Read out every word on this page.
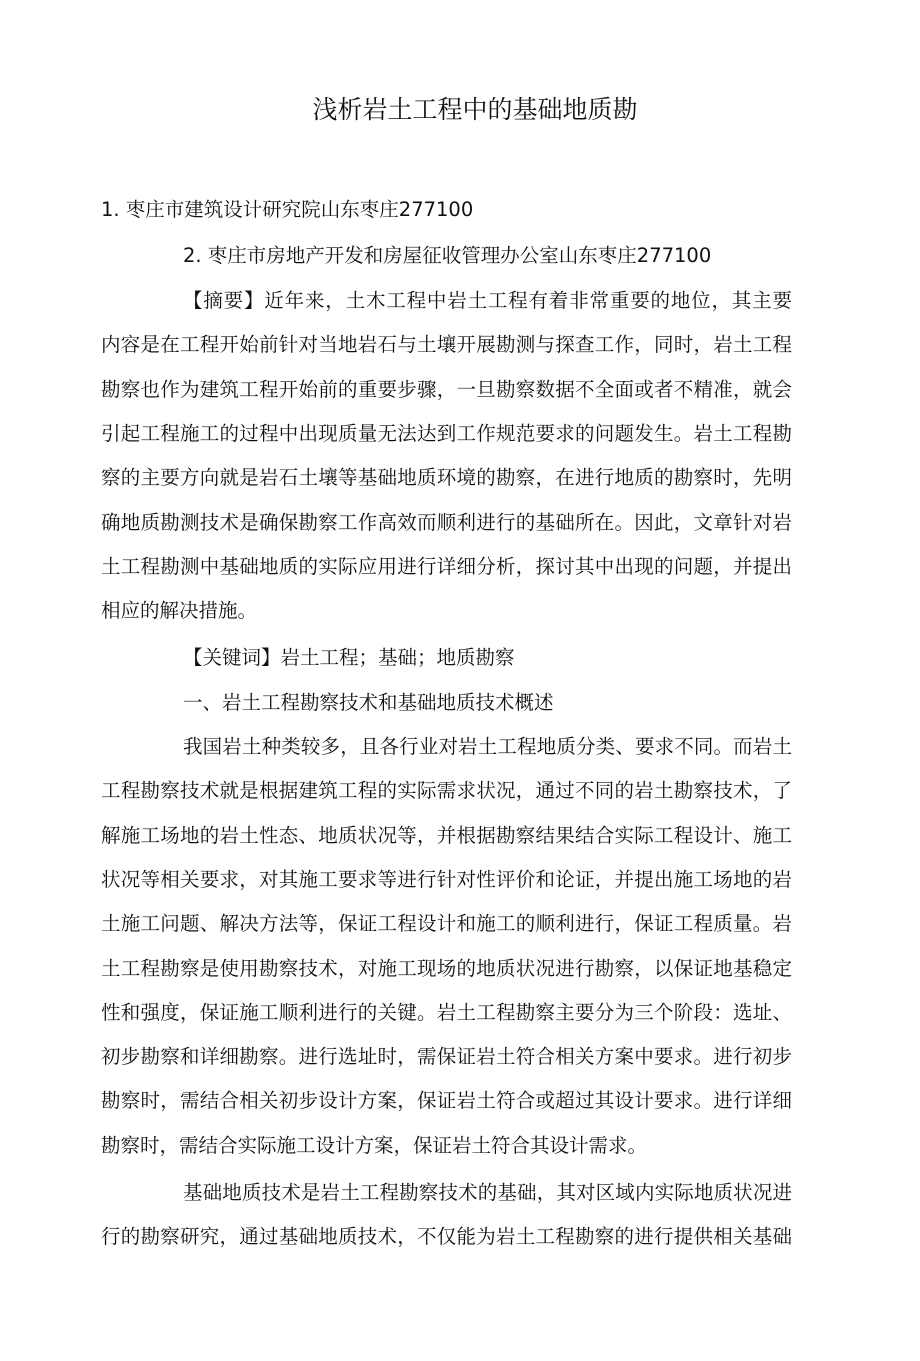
浅析岩土工程中的基础地质勘
1. 枣庄市建筑设计研究院山东枣庄277100
2. 枣庄市房地产开发和房屋征收管理办公室山东枣庄277100
【摘要】近年来，土木工程中岩土工程有着非常重要的地位，其主要
内容是在工程开始前针对当地岩石与土壤开展勘测与探查工作，同时，岩土工程
勘察也作为建筑工程开始前的重要步骤，一旦勘察数据不全面或者不精准，就会
引起工程施工的过程中出现质量无法达到工作规范要求的问题发生。岩土工程勘
察的主要方向就是岩石土壤等基础地质环境的勘察，在进行地质的勘察时，先明
确地质勘测技术是确保勘察工作高效而顺利进行的基础所在。因此，文章针对岩
土工程勘测中基础地质的实际应用进行详细分析，探讨其中出现的问题，并提出
相应的解决措施。
【关键词】岩土工程；基础；地质勘察
一、岩土工程勘察技术和基础地质技术概述
我国岩土种类较多，且各行业对岩土工程地质分类、要求不同。而岩土
工程勘察技术就是根据建筑工程的实际需求状况，通过不同的岩土勘察技术，了
解施工场地的岩土性态、地质状况等，并根据勘察结果结合实际工程设计、施工
状况等相关要求，对其施工要求等进行针对性评价和论证，并提出施工场地的岩
土施工问题、解决方法等，保证工程设计和施工的顺利进行，保证工程质量。岩
土工程勘察是使用勘察技术，对施工现场的地质状况进行勘察，以保证地基稳定
性和强度，保证施工顺利进行的关键。岩土工程勘察主要分为三个阶段：选址、
初步勘察和详细勘察。进行选址时，需保证岩土符合相关方案中要求。进行初步
勘察时，需结合相关初步设计方案，保证岩土符合或超过其设计要求。进行详细
勘察时，需结合实际施工设计方案，保证岩土符合其设计需求。
基础地质技术是岩土工程勘察技术的基础，其对区域内实际地质状况进
行的勘察研究，通过基础地质技术，不仅能为岩土工程勘察的进行提供相关基础
